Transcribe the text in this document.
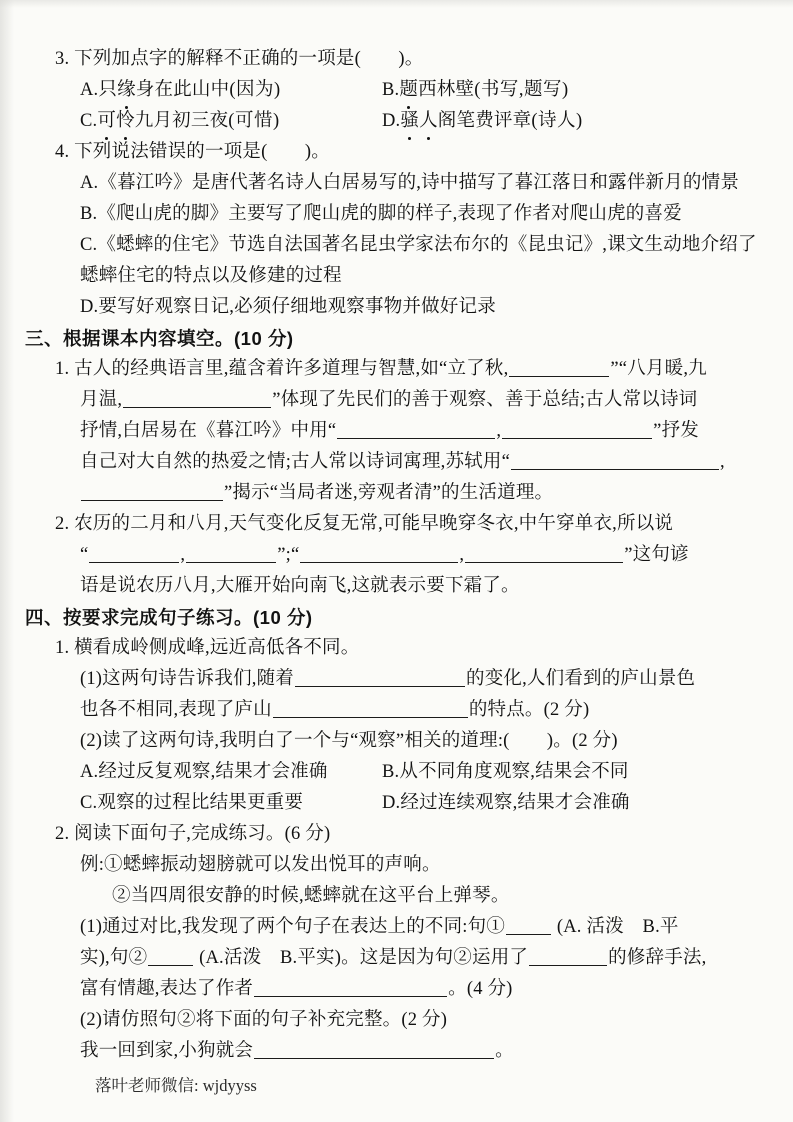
3. 下列加点字的解释不正确的一项是(　　)。
A.只缘身在此山中(因为)	B.题西林壁(书写,题写)
C.可怜九月初三夜(可惜)	D.骚人阁笔费评章(诗人)
4. 下列说法错误的一项是(　　)。
A.《暮江吟》是唐代著名诗人白居易写的,诗中描写了暮江落日和露伴新月的情景
B.《爬山虎的脚》主要写了爬山虎的脚的样子,表现了作者对爬山虎的喜爱
C.《蟋蟀的住宅》节选自法国著名昆虫学家法布尔的《昆虫记》,课文生动地介绍了
蟋蟀住宅的特点以及修建的过程
D.要写好观察日记,必须仔细地观察事物并做好记录
三、根据课本内容填空。(10 分)
1. 古人的经典语言里,蕴含着许多道理与智慧,如“立了秋,	”“八月暖,九
月温,	”体现了先民们的善于观察、善于总结;古人常以诗词
抒情,白居易在《暮江吟》中用“	,	”抒发
自己对大自然的热爱之情;古人常以诗词寓理,苏轼用“	,
”揭示“当局者迷,旁观者清”的生活道理。
2. 农历的二月和八月,天气变化反复无常,可能早晚穿冬衣,中午穿单衣,所以说
“	,	”;“	,	”这句谚
语是说农历八月,大雁开始向南飞,这就表示要下霜了。
四、按要求完成句子练习。(10 分)
1. 横看成岭侧成峰,远近高低各不同。
(1)这两句诗告诉我们,随着	的变化,人们看到的庐山景色
也各不相同,表现了庐山	的特点。(2 分)
(2)读了这两句诗,我明白了一个与“观察”相关的道理:(　　)。(2 分)
A.经过反复观察,结果才会准确	B.从不同角度观察,结果会不同
C.观察的过程比结果更重要	D.经过连续观察,结果才会准确
2. 阅读下面句子,完成练习。(6 分)
例:①蟋蟀振动翅膀就可以发出悦耳的声响。
②当四周很安静的时候,蟋蟀就在这平台上弹琴。
(1)通过对比,我发现了两个句子在表达上的不同:句①	(A. 活泼　B.平
实),句②	(A.活泼　B.平实)。这是因为句②运用了	的修辞手法,
富有情趣,表达了作者	。(4 分)
(2)请仿照句②将下面的句子补充完整。(2 分)
我一回到家,小狗就会	。
落叶老师微信: wjdyyss
